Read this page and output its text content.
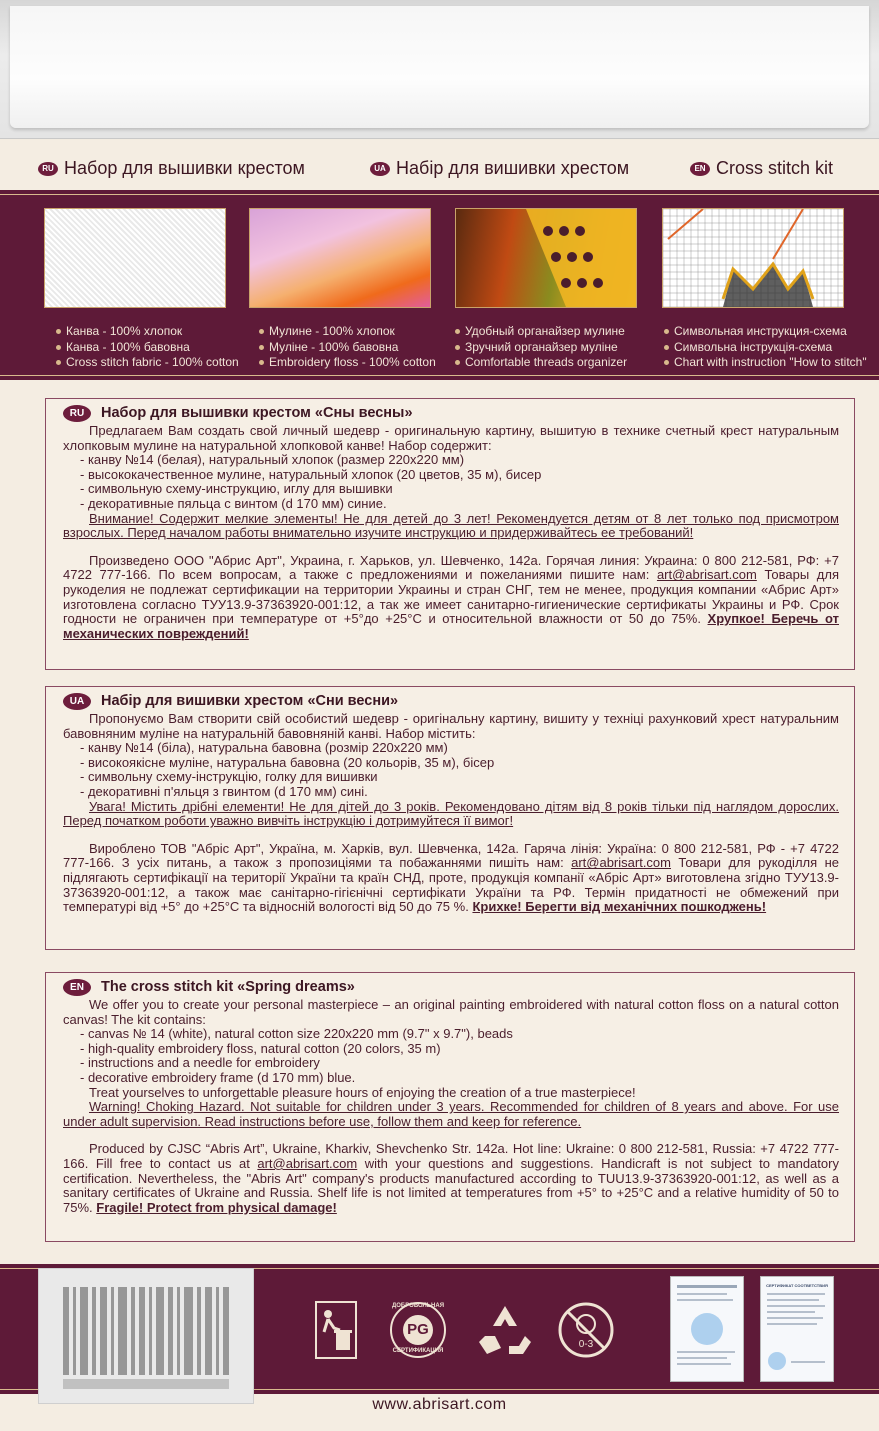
RU Набор для вышивки крестом	UA Набір для вишивки хрестом	EN Cross stitch kit
Канва - 100% хлопок
Канва - 100% бавовна
Cross stitch fabric - 100% cotton
Мулине - 100% хлопок
Муліне - 100% бавовна
Embroidery floss - 100% cotton
Удобный органайзер мулине
Зручний органайзер муліне
Comfortable threads organizer
Символьная инструкция-схема
Символьна інструкція-схема
Chart with instruction "How to stitch"
RU	Набор для вышивки крестом «Сны весны»
Предлагаем Вам создать свой личный шедевр - оригинальную картину, вышитую в технике счетный крест натуральным хлопковым мулине на натуральной хлопковой канве! Набор содержит:
- канву №14 (белая), натуральный хлопок (размер 220х220 мм)
- высококачественное мулине, натуральный хлопок (20 цветов, 35 м), бисер
- символьную схему-инструкцию, иглу для вышивки
- декоративные пяльца с винтом (d 170 мм) синие.
Внимание! Содержит мелкие элементы! Не для детей до 3 лет! Рекомендуется детям от 8 лет только под присмотром взрослых. Перед началом работы внимательно изучите инструкцию и придерживайтесь ее требований!
Произведено ООО "Абрис Арт", Украина, г. Харьков, ул. Шевченко, 142а. Горячая линия: Украина: 0 800 212-581, РФ: +7 4722 777-166. По всем вопросам, а также с предложениями и пожеланиями пишите нам: art@abrisart.com Товары для рукоделия не подлежат сертификации на территории Украины и стран СНГ, тем не менее, продукция компании «Абрис Арт» изготовлена согласно ТУУ13.9-37363920-001:12, а так же имеет санитарно-гигиенические сертификаты Украины и РФ. Срок годности не ограничен при температуре от +5°до +25°С и относительной влажности от 50 до 75%. Хрупкое! Беречь от механических повреждений!
UA	Набір для вишивки хрестом «Сни весни»
Пропонуємо Вам створити свій особистий шедевр - оригінальну картину, вишиту у техніці рахунковий хрест натуральним бавовняним муліне на натуральній бавовняній канві. Набор містить:
- канву №14 (біла), натуральна бавовна (розмір 220х220 мм)
- високоякісне муліне, натуральна бавовна (20 кольорів, 35 м), бісер
- символьну схему-інструкцію, голку для вишивки
- декоративні п'яльця з гвинтом (d 170 мм) сині.
Увага! Містить дрібні елементи! Не для дітей до 3 років. Рекомендовано дітям від 8 років тільки під наглядом дорослих. Перед початком роботи уважно вивчіть інструкцію і дотримуйтеся її вимог!
Вироблено ТОВ "Абріс Арт", Україна, м. Харків, вул. Шевченка, 142а. Гаряча лінія: Україна: 0 800 212-581, РФ - +7 4722 777-166. З усіх питань, а також з пропозиціями та побажаннями пишіть нам: art@abrisart.com Товари для рукоділля не підлягають сертифікації на території України та країн СНД, проте, продукція компанії «Абріс Арт» виготовлена згідно ТУУ13.9-37363920-001:12, а також має санітарно-гігієнічні сертифікати України та РФ. Термін придатності не обмежений при температурі від +5° до +25°С та відносній вологості від 50 до 75 %. Крихке! Берегти від механічних пошкоджень!
EN	The cross stitch kit «Spring dreams»
We offer you to create your personal masterpiece – an original painting embroidered with natural cotton floss on a natural cotton canvas! The kit contains:
- canvas № 14 (white), natural cotton size 220x220 mm (9.7" x 9.7"), beads
- high-quality embroidery floss, natural cotton (20 colors, 35 m)
- instructions and a needle for embroidery
- decorative embroidery frame (d 170 mm) blue.
Treat yourselves to unforgettable pleasure hours of enjoying the creation of a true masterpiece!
Warning! Choking Hazard. Not suitable for children under 3 years. Recommended for children of 8 years and above. For use under adult supervision. Read instructions before use, follow them and keep for reference.
Produced by CJSC “Abris Art”, Ukraine, Kharkiv, Shevchenko Str. 142a. Hot line: Ukraine: 0 800 212-581, Russia: +7 4722 777-166. Fill free to contact us at art@abrisart.com with your questions and suggestions. Handicraft is not subject to mandatory certification. Nevertheless, the "Abris Art" company's products manufactured according to TUU13.9-37363920-001:12, as well as a sanitary certificates of Ukraine and Russia. Shelf life is not limited at temperatures from +5° to +25°C and a relative humidity of 50 to 75%. Fragile! Protect from physical damage!
ДОБРОВОЛЬНАЯ
PG
СЕРТИФИКАЦИЯ
0-3
СЕРТИФИКАТ СООТВЕТСТВИЯ
www.abrisart.com
